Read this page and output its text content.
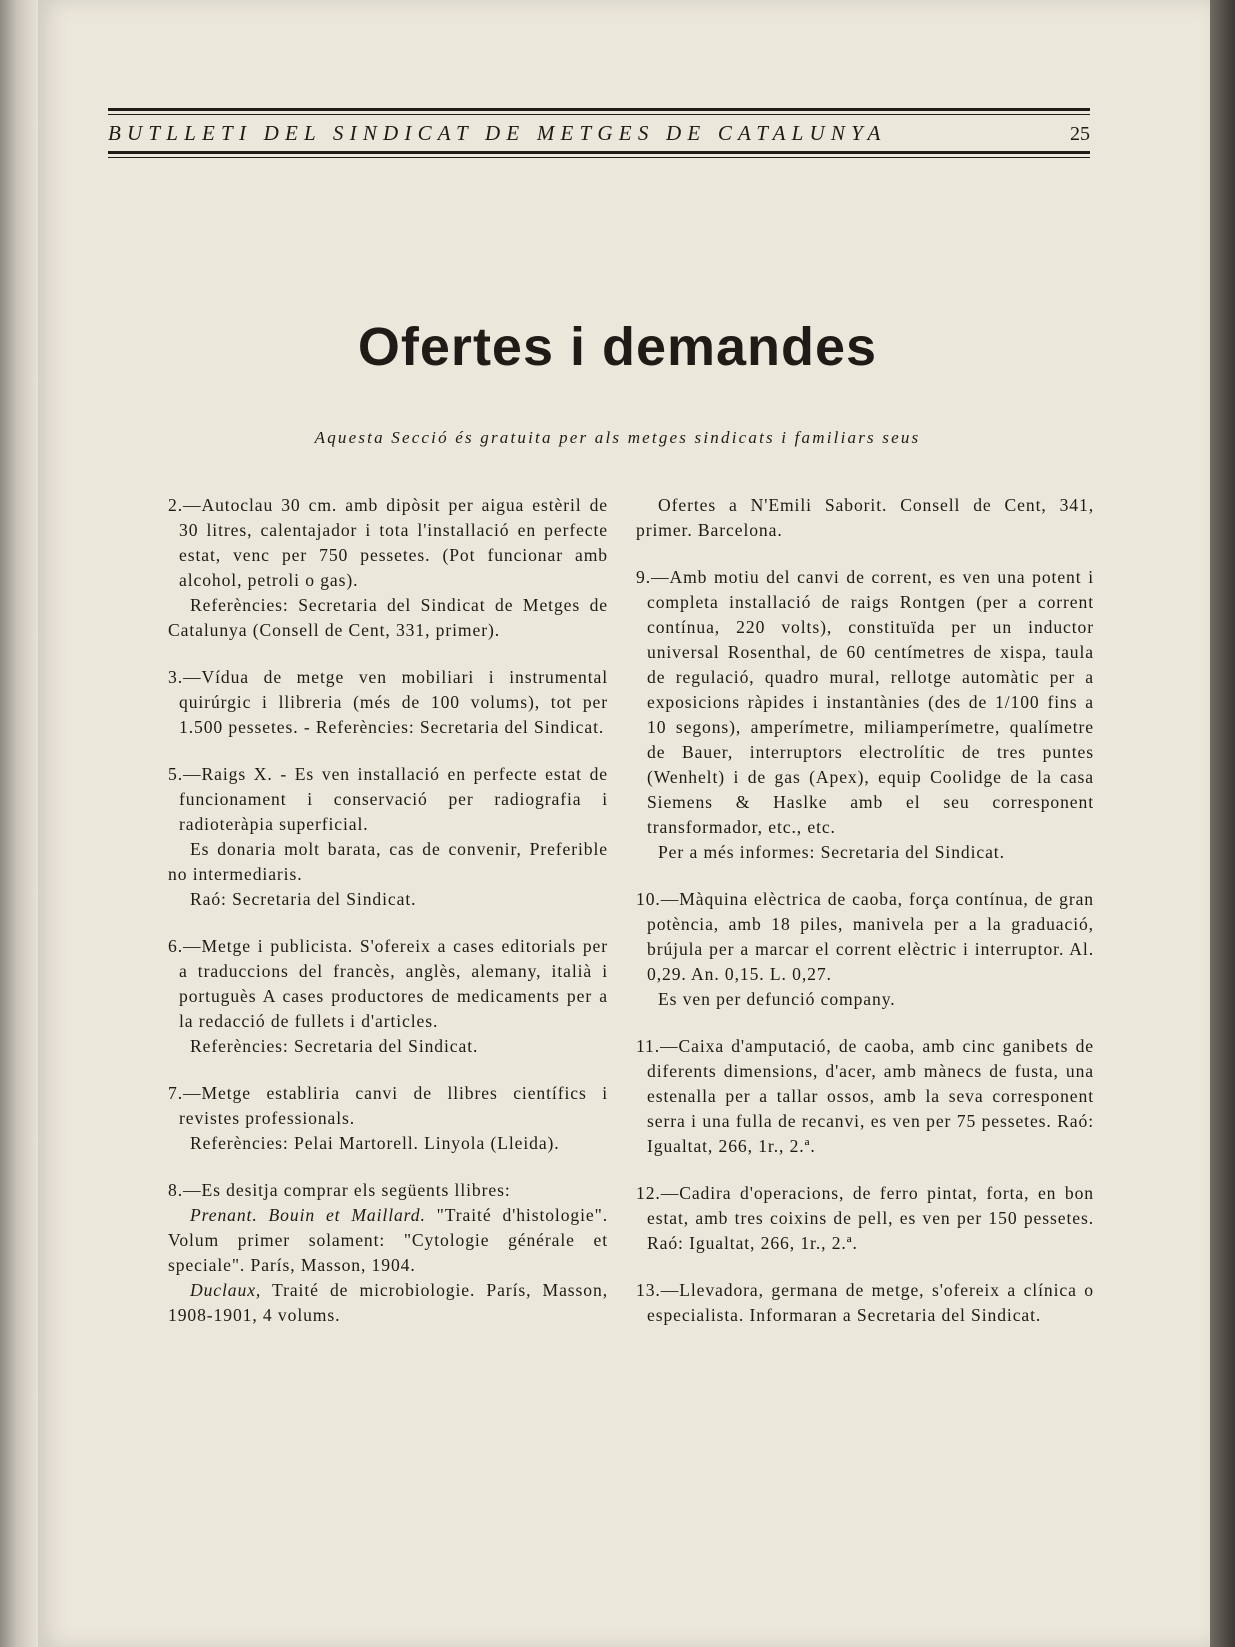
BUTLLETI DEL SINDICAT DE METGES DE CATALUNYA	25
Ofertes i demandes
Aquesta Secció és gratuita per als metges sindicats i familiars seus

2.—Autoclau 30 cm. amb dipòsit per aigua estèril de 30 litres, calentajador i tota l'installació en perfecte estat, venc per 750 pessetes. (Pot funcionar amb alcohol, petroli o gas).

Referències: Secretaria del Sindicat de Metges de Catalunya (Consell de Cent, 331, primer).

3.—Vídua de metge ven mobiliari i instrumental quirúrgic i llibreria (més de 100 volums), tot per 1.500 pessetes. - Referències: Secretaria del Sindicat.

5.—Raigs X. - Es ven installació en perfecte estat de funcionament i conservació per radiografia i radioteràpia superficial.

Es donaria molt barata, cas de convenir, Preferible no intermediaris.

Raó: Secretaria del Sindicat.

6.—Metge i publicista. S'ofereix a cases editorials per a traduccions del francès, anglès, alemany, italià i portuguès A cases productores de medicaments per a la redacció de fullets i d'articles.

Referències: Secretaria del Sindicat.

7.—Metge establiria canvi de llibres científics i revistes professionals.

Referències: Pelai Martorell. Linyola (Lleida).

8.—Es desitja comprar els següents llibres:

Prenant. Bouin et Maillard. "Traité d'histologie". Volum primer solament: "Cytologie générale et speciale". París, Masson, 1904.

Duclaux, Traité de microbiologie. París, Masson, 1908-1901, 4 volums.

Ofertes a N'Emili Saborit. Consell de Cent, 341, primer. Barcelona.

9.—Amb motiu del canvi de corrent, es ven una potent i completa installació de raigs Rontgen (per a corrent contínua, 220 volts), constituïda per un inductor universal Rosenthal, de 60 centímetres de xispa, taula de regulació, quadro mural, rellotge automàtic per a exposicions ràpides i instantànies (des de 1/100 fins a 10 segons), amperímetre, miliamperímetre, qualímetre de Bauer, interruptors electrolític de tres puntes (Wenhelt) i de gas (Apex), equip Coolidge de la casa Siemens & Haslke amb el seu corresponent transformador, etc., etc.

Per a més informes: Secretaria del Sindicat.

10.—Màquina elèctrica de caoba, força contínua, de gran potència, amb 18 piles, manivela per a la graduació, brújula per a marcar el corrent elèctric i interruptor. Al. 0,29. An. 0,15. L. 0,27.

Es ven per defunció company.

11.—Caixa d'amputació, de caoba, amb cinc ganibets de diferents dimensions, d'acer, amb mànecs de fusta, una estenalla per a tallar ossos, amb la seva corresponent serra i una fulla de recanvi, es ven per 75 pessetes. Raó: Igualtat, 266, 1r., 2.ª.

12.—Cadira d'operacions, de ferro pintat, forta, en bon estat, amb tres coixins de pell, es ven per 150 pessetes. Raó: Igualtat, 266, 1r., 2.ª.

13.—Llevadora, germana de metge, s'ofereix a clínica o especialista. Informaran a Secretaria del Sindicat.
